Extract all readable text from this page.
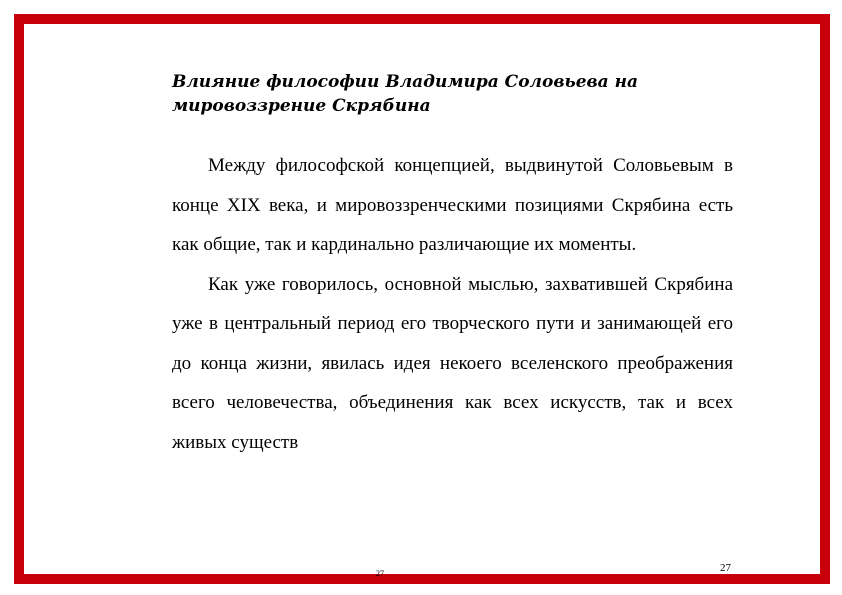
Влияние философии Владимира Соловьева на мировоззрение Скрябина

Между философской концепцией, выдвинутой Соловьевым в конце XIX века, и мировоззренческими позициями Скрябина есть как общие, так и кардинально различающие их моменты.

Как уже говорилось, основной мыслью, захватившей Скрябина уже в центральный период его творческого пути и занимающей его до конца жизни, явилась идея некоего вселенского преображения всего человечества, объединения как всех искусств, так и всех живых существ

27	27
